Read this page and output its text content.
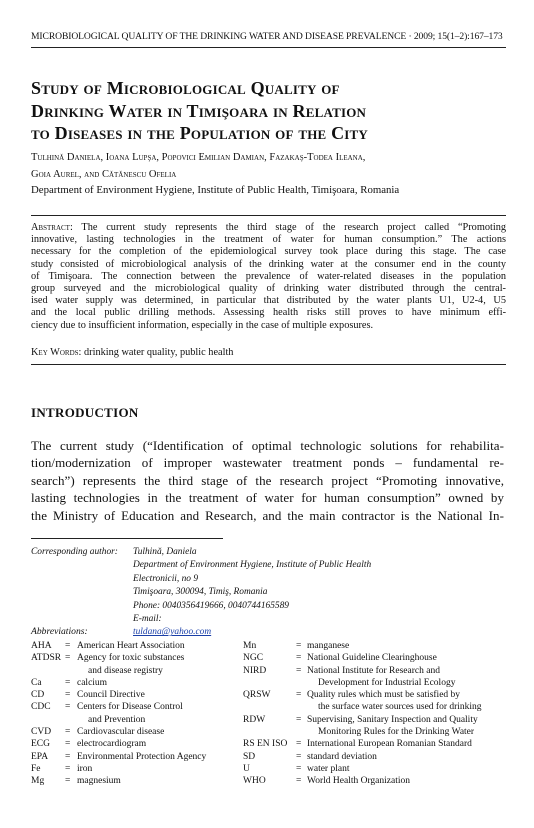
MICROBIOLOGICAL QUALITY OF THE DRINKING WATER AND DISEASE PREVALENCE · 2009; 15(1–2):167–173
Study of Microbiological Quality of
Drinking Water in Timişoara in Relation
to Diseases in the Population of the City
Tulhină Daniela, Ioana Lupşa, Popovici Emilian Damian, Fazakaş-Todea Ileana,
Goia Aurel, and Cătănescu Ofelia
Department of Environment Hygiene, Institute of Public Health, Timişoara, Romania
Abstract: The current study represents the third stage of the research project called “Promoting
innovative, lasting technologies in the treatment of water for human consumption.” The actions
necessary for the completion of the epidemiological survey took place during this stage. The case
study consisted of microbiological analysis of the drinking water at the consumer end in the county
of Timişoara. The connection between the prevalence of water-related diseases in the population
group surveyed and the microbiological quality of drinking water distributed through the central-
ised water supply was determined, in particular that distributed by the water plants U1, U2-4, U5
and the local public drilling methods. Assessing health risks still proves to have minimum effi-
ciency due to insufficient information, especially in the case of multiple exposures.
Key Words: drinking water quality, public health
INTRODUCTION
The current study (“Identification of optimal technologic solutions for rehabilita-
tion/modernization of improper wastewater treatment ponds – fundamental re-
search”) represents the third stage of the research project “Promoting innovative,
lasting technologies in the treatment of water for human consumption” owned by
the Ministry of Education and Research, and the main contractor is the National In-
Corresponding author: Tulhină, Daniela
Department of Environment Hygiene, Institute of Public Health
Electronicii, no 9
Timişoara, 300094, Timiş, Romania
Phone: 0040356419666, 0040744165589
E-mail:
tuldana@yahoo.com
Abbreviations:
AHA = American Heart Association
ATDSR = Agency for toxic substances
and disease registry
Ca = calcium
CD = Council Directive
CDC = Centers for Disease Control
and Prevention
CVD = Cardiovascular disease
ECG = electrocardiogram
EPA = Environmental Protection Agency
Fe	= iron
Mg = magnesium
Mn	= manganese
NGC	= National Guideline Clearinghouse
NIRD	= National Institute for Research and
Development for Industrial Ecology
QRSW	= Quality rules which must be satisfied by
the surface water sources used for drinking
RDW	= Supervising, Sanitary Inspection and Quality
Monitoring Rules for the Drinking Water
RS EN ISO = International European Romanian Standard
SD	= standard deviation
U	= water plant
WHO	= World Health Organization
